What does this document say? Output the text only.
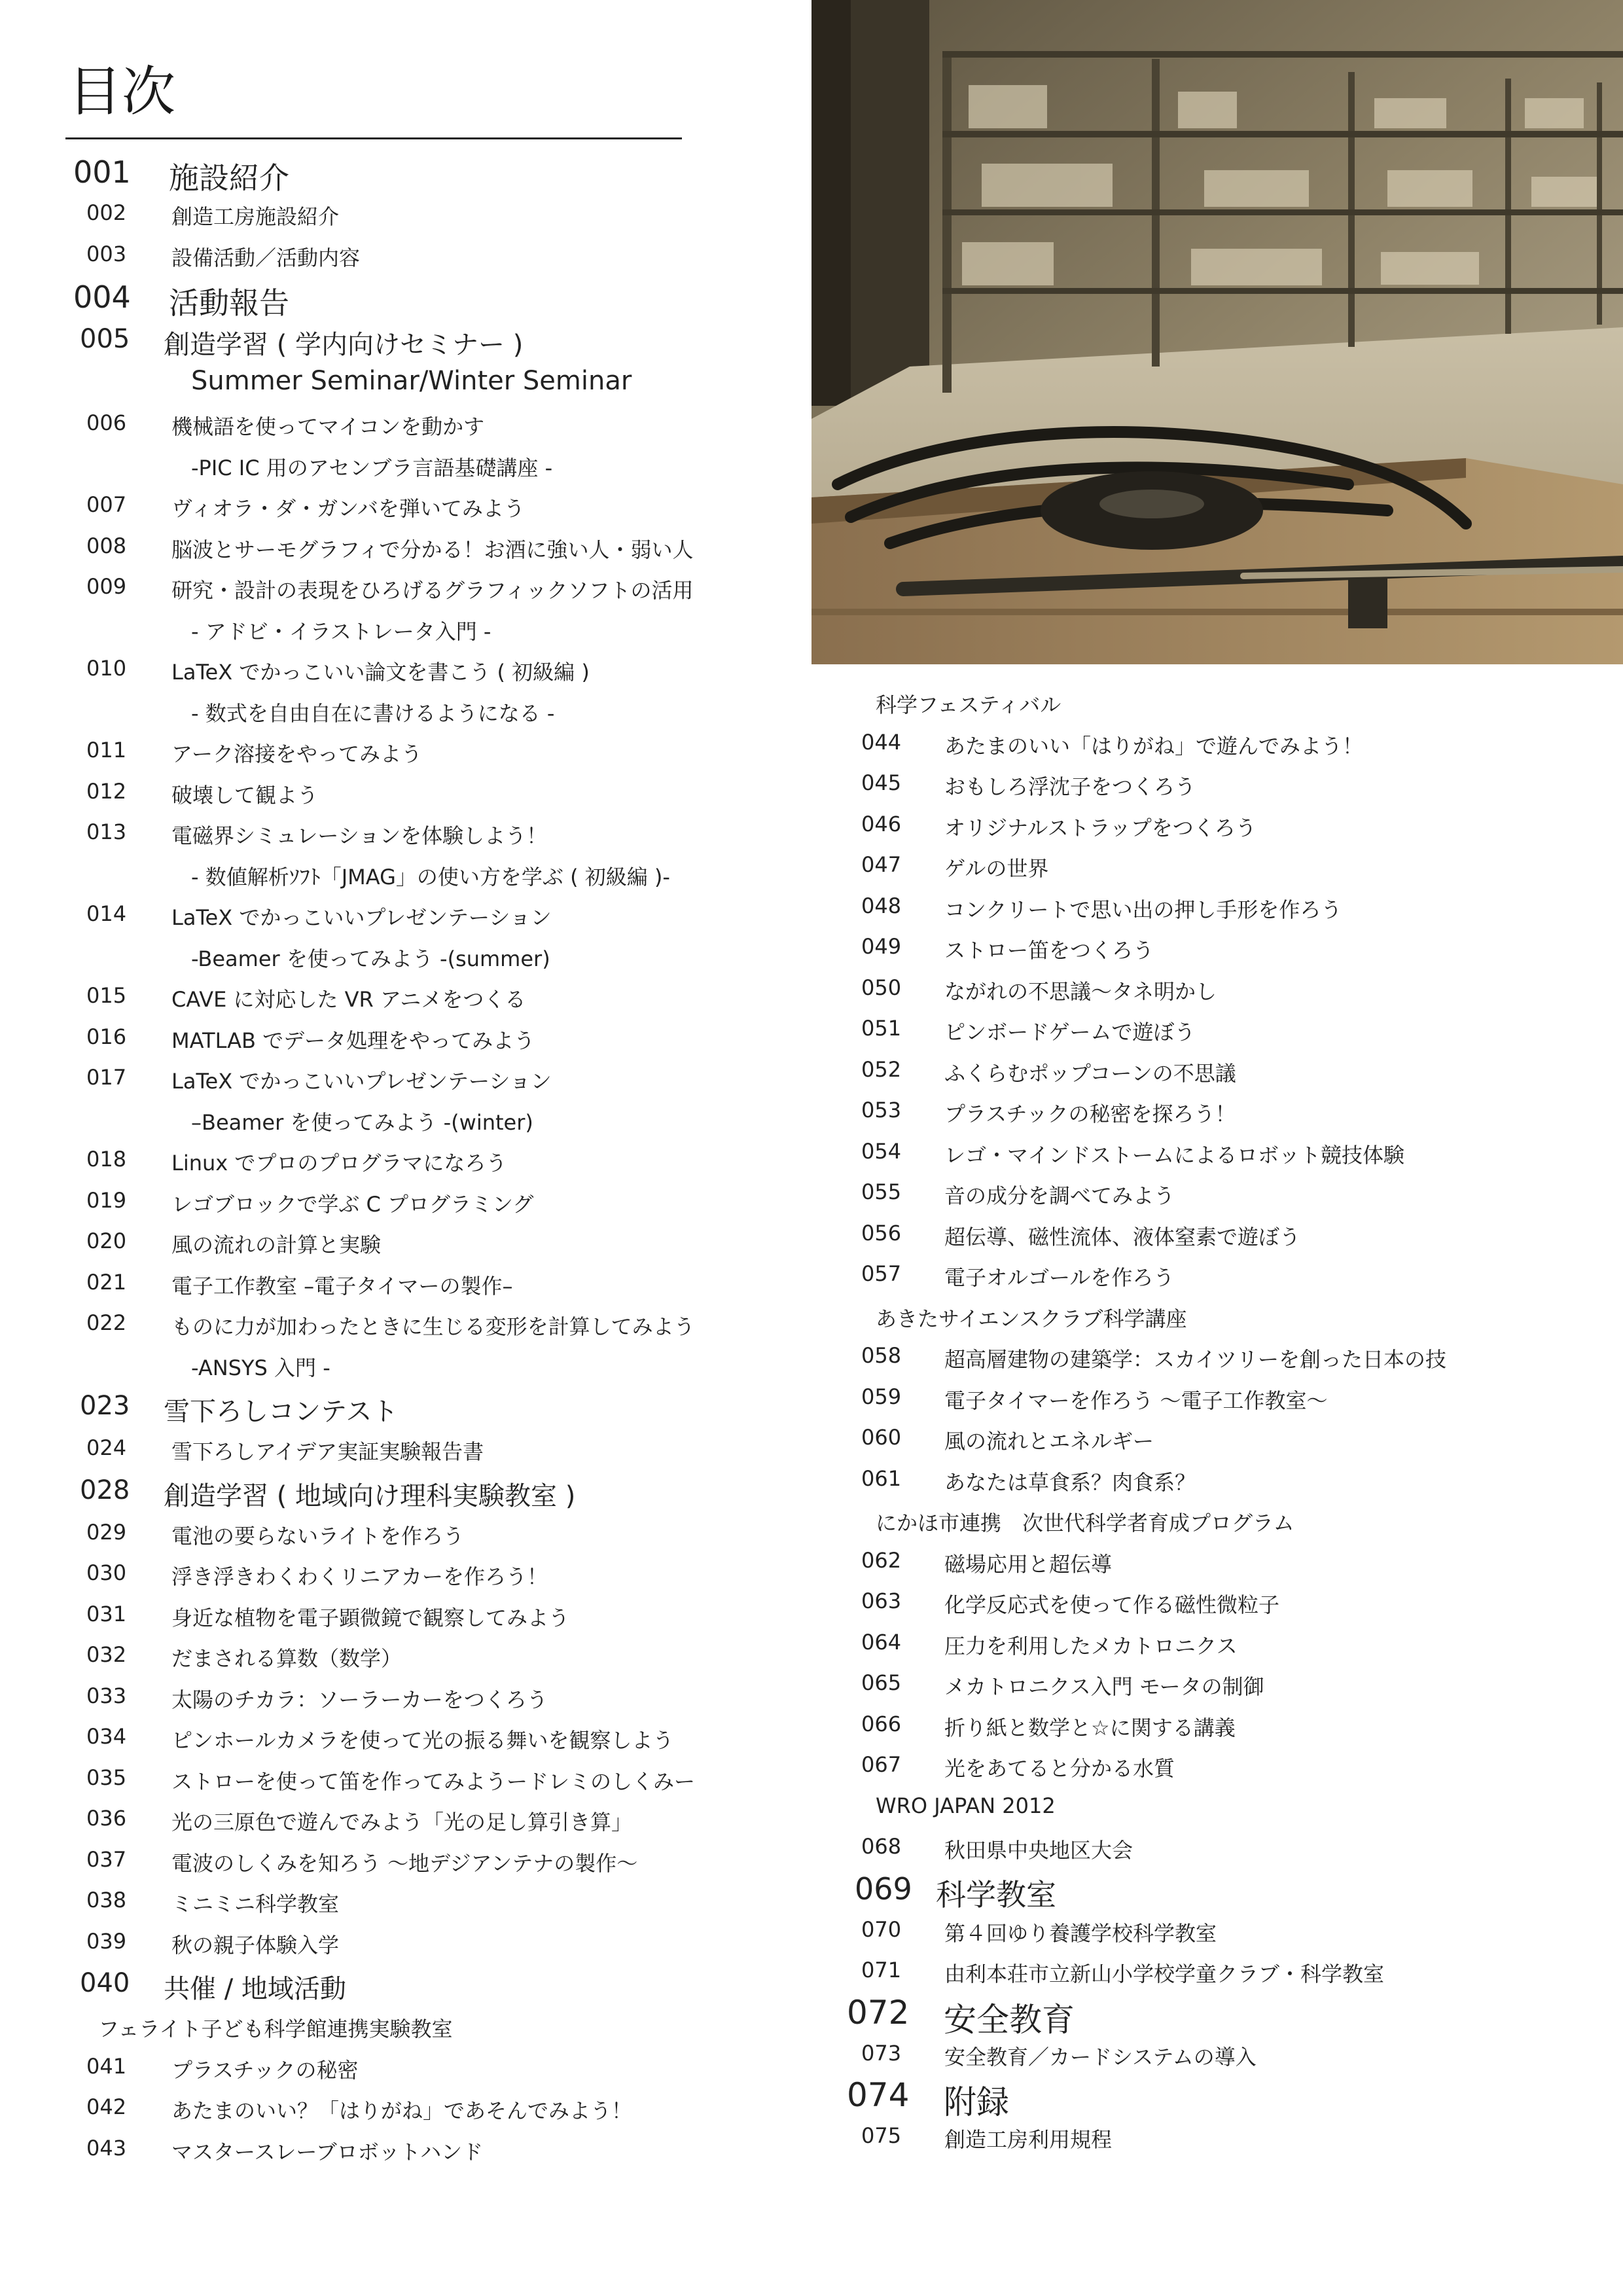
目次
001 施設紹介
002 創造工房施設紹介
003 設備活動／活動内容
004 活動報告
005 創造学習 ( 学内向けセミナー )
Summer Seminar/Winter Seminar
006 機械語を使ってマイコンを動かす
-PIC IC 用のアセンブラ言語基礎講座 -
007 ヴィオラ・ダ・ガンバを弾いてみよう
008 脳波とサーモグラフィで分かる！お酒に強い人・弱い人
009 研究・設計の表現をひろげるグラフィックソフトの活用
- アドビ・イラストレータ入門 -
010 LaTeX でかっこいい論文を書こう ( 初級編 )
- 数式を自由自在に書けるようになる -
011 アーク溶接をやってみよう
012 破壊して観よう
013 電磁界シミュレーションを体験しよう！
- 数値解析ｿﾌﾄ「JMAG」の使い方を学ぶ ( 初級編 )-
014 LaTeX でかっこいいプレゼンテーション
-Beamer を使ってみよう -(summer)
015 CAVE に対応した VR アニメをつくる
016 MATLAB でデータ処理をやってみよう
017 LaTeX でかっこいいプレゼンテーション
–Beamer を使ってみよう -(winter)
018 Linux でプロのプログラマになろう
019 レゴブロックで学ぶ C プログラミング
020 風の流れの計算と実験
021 電子工作教室 –電子タイマーの製作–
022 ものに力が加わったときに生じる変形を計算してみよう
-ANSYS 入門 -
023 雪下ろしコンテスト
024 雪下ろしアイデア実証実験報告書
028 創造学習 ( 地域向け理科実験教室 )
029 電池の要らないライトを作ろう
030 浮き浮きわくわくリニアカーを作ろう！
031 身近な植物を電子顕微鏡で観察してみよう
032 だまされる算数（数学）
033 太陽のチカラ：ソーラーカーをつくろう
034 ピンホールカメラを使って光の振る舞いを観察しよう
035 ストローを使って笛を作ってみようードレミのしくみー
036 光の三原色で遊んでみよう「光の足し算引き算」
037 電波のしくみを知ろう 〜地デジアンテナの製作〜
038 ミニミニ科学教室
039 秋の親子体験入学
040 共催 / 地域活動
フェライト子ども科学館連携実験教室
041 プラスチックの秘密
042 あたまのいい？「はりがね」であそんでみよう！
043 マスタースレーブロボットハンド
科学フェスティバル
044 あたまのいい「はりがね」で遊んでみよう！
045 おもしろ浮沈子をつくろう
046 オリジナルストラップをつくろう
047 ゲルの世界
048 コンクリートで思い出の押し手形を作ろう
049 ストロー笛をつくろう
050 ながれの不思議〜タネ明かし
051 ピンボードゲームで遊ぼう
052 ふくらむポップコーンの不思議
053 プラスチックの秘密を探ろう！
054 レゴ・マインドストームによるロボット競技体験
055 音の成分を調べてみよう
056 超伝導、磁性流体、液体窒素で遊ぼう
057 電子オルゴールを作ろう
あきたサイエンスクラブ科学講座
058 超高層建物の建築学：スカイツリーを創った日本の技
059 電子タイマーを作ろう 〜電子工作教室〜
060 風の流れとエネルギー
061 あなたは草食系？肉食系？
にかほ市連携　次世代科学者育成プログラム
062 磁場応用と超伝導
063 化学反応式を使って作る磁性微粒子
064 圧力を利用したメカトロニクス
065 メカトロニクス入門 モータの制御
066 折り紙と数学と☆に関する講義
067 光をあてると分かる水質
WRO JAPAN 2012
068 秋田県中央地区大会
069 科学教室
070 第４回ゆり養護学校科学教室
071 由利本荘市立新山小学校学童クラブ・科学教室
072 安全教育
073 安全教育／カードシステムの導入
074 附録
075 創造工房利用規程
